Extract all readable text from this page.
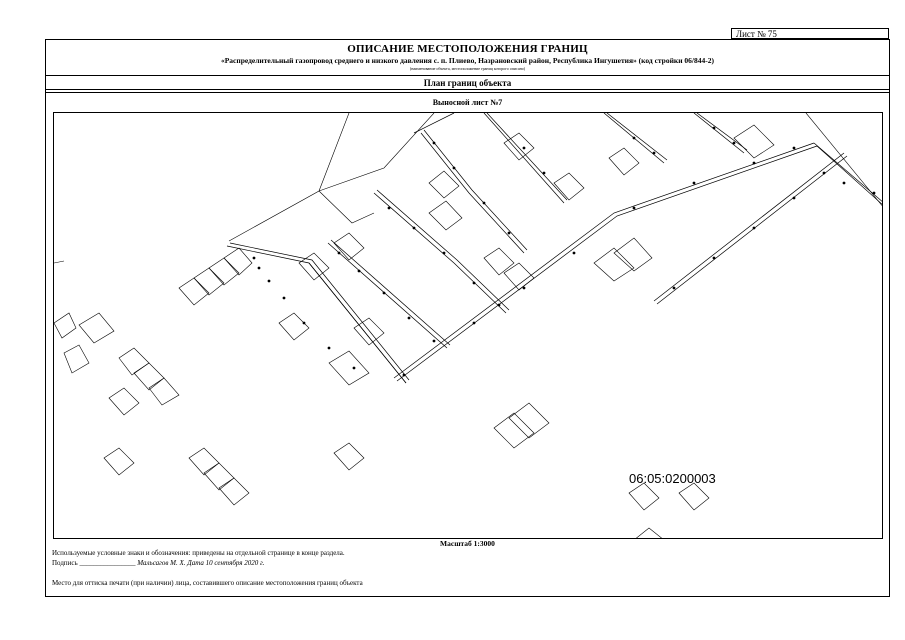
Лист № 75
ОПИСАНИЕ МЕСТОПОЛОЖЕНИЯ ГРАНИЦ
«Распределительный газопровод среднего и низкого давления с. п. Плиево, Назрановский район, Республика Ингушетия» (код стройки 06/844-2)
(наименование объекта, местоположение границ которого описано)
План границ объекта
Выносной лист №7
06:05:0200003
Масштаб 1:3000
Используемые условные знаки и обозначения: приведены на отдельной странице в конце раздела.
Подпись ________________ Мальсагов М. Х. Дата 10 сентября 2020 г.
Место для оттиска печати (при наличии) лица, составившего описание местоположения границ объекта
